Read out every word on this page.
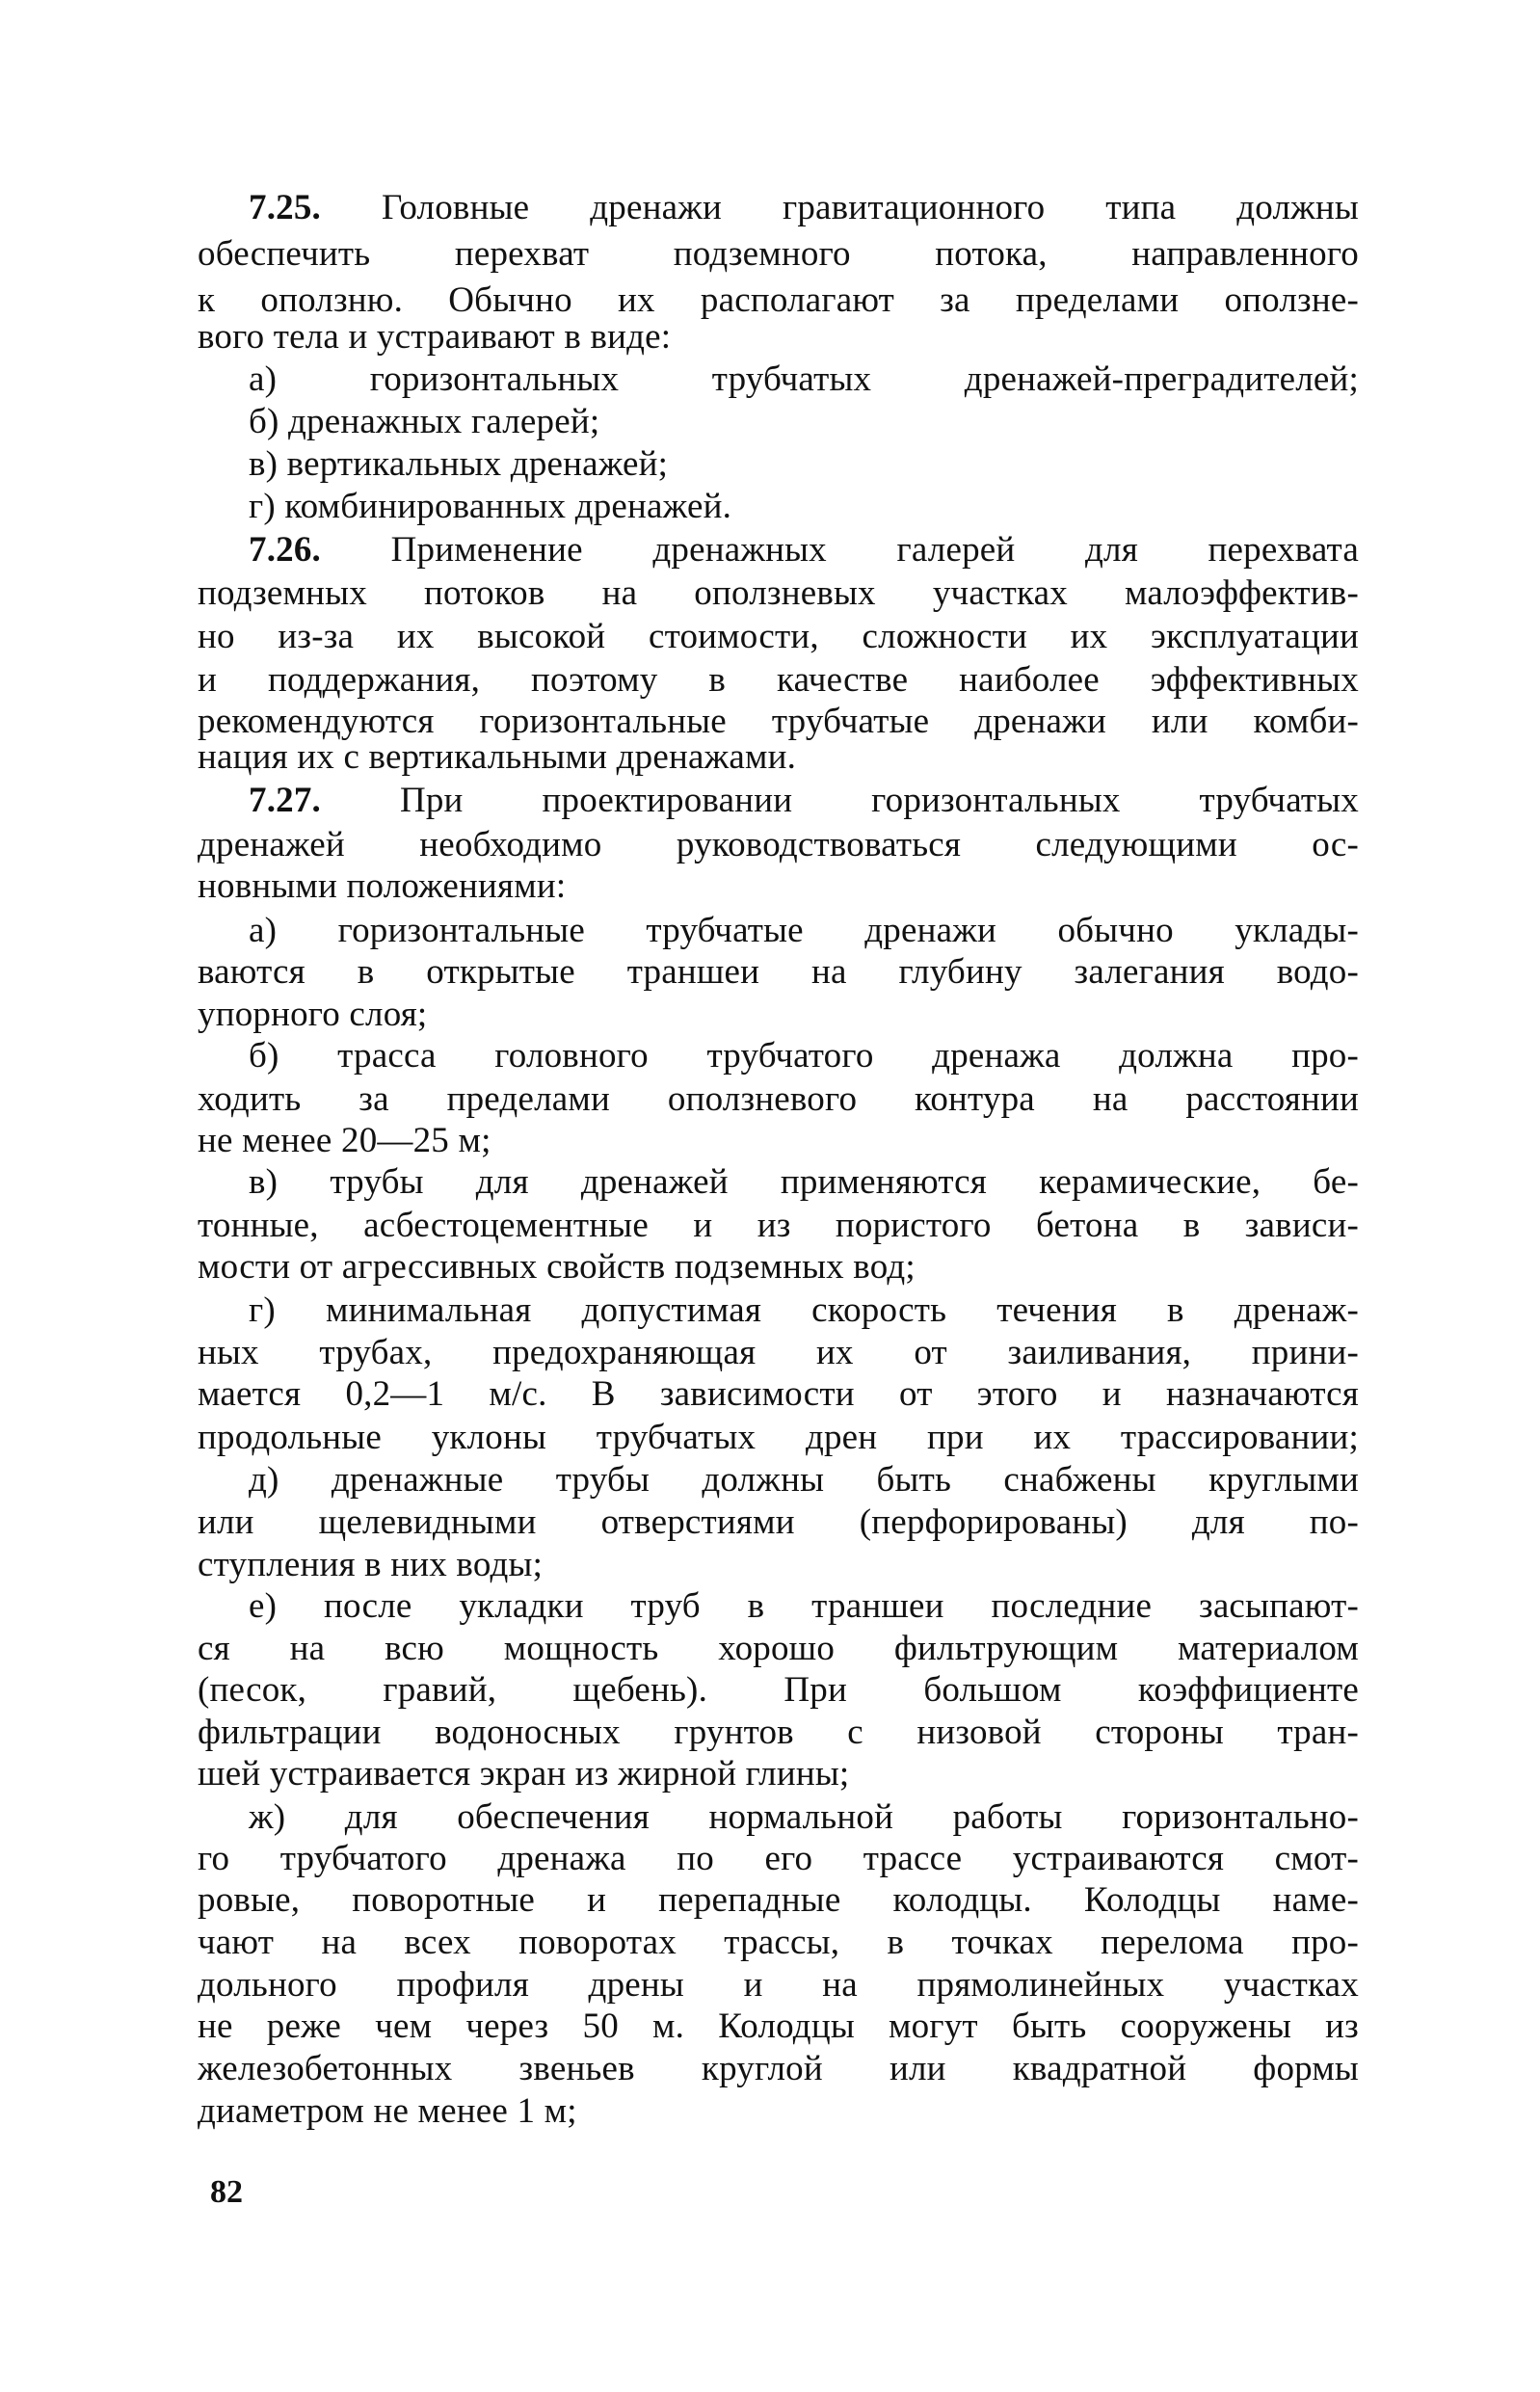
7.25. Головные дренажи гравитационного типа должны
обеспечить перехват подземного потока, направленного
к оползню. Обычно их располагают за пределами оползне-
вого тела и устраивают в виде:
а) горизонтальных трубчатых дренажей-преградителей;
б) дренажных галерей;
в) вертикальных дренажей;
г) комбинированных дренажей.
7.26. Применение дренажных галерей для перехвата
подземных потоков на оползневых участках малоэффектив-
но из-за их высокой стоимости, сложности их эксплуатации
и поддержания, поэтому в качестве наиболее эффективных
рекомендуются горизонтальные трубчатые дренажи или комби-
нация их с вертикальными дренажами.
7.27. При проектировании горизонтальных трубчатых
дренажей необходимо руководствоваться следующими ос-
новными положениями:
а) горизонтальные трубчатые дренажи обычно уклады-
ваются в открытые траншеи на глубину залегания водо-
упорного слоя;
б) трасса головного трубчатого дренажа должна про-
ходить за пределами оползневого контура на расстоянии
не менее 20—25 м;
в) трубы для дренажей применяются керамические, бе-
тонные, асбестоцементные и из пористого бетона в зависи-
мости от агрессивных свойств подземных вод;
г) минимальная допустимая скорость течения в дренаж-
ных трубах, предохраняющая их от заиливания, прини-
мается 0,2—1 м/с. В зависимости от этого и назначаются
продольные уклоны трубчатых дрен при их трассировании;
д) дренажные трубы должны быть снабжены круглыми
или щелевидными отверстиями (перфорированы) для по-
ступления в них воды;
е) после укладки труб в траншеи последние засыпают-
ся на всю мощность хорошо фильтрующим материалом
(песок, гравий, щебень). При большом коэффициенте
фильтрации водоносных грунтов с низовой стороны тран-
шей устраивается экран из жирной глины;
ж) для обеспечения нормальной работы горизонтально-
го трубчатого дренажа по его трассе устраиваются смот-
ровые, поворотные и перепадные колодцы. Колодцы наме-
чают на всех поворотах трассы, в точках перелома про-
дольного профиля дрены и на прямолинейных участках
не реже чем через 50 м. Колодцы могут быть сооружены из
железобетонных звеньев круглой или квадратной формы
диаметром не менее 1 м;
82
